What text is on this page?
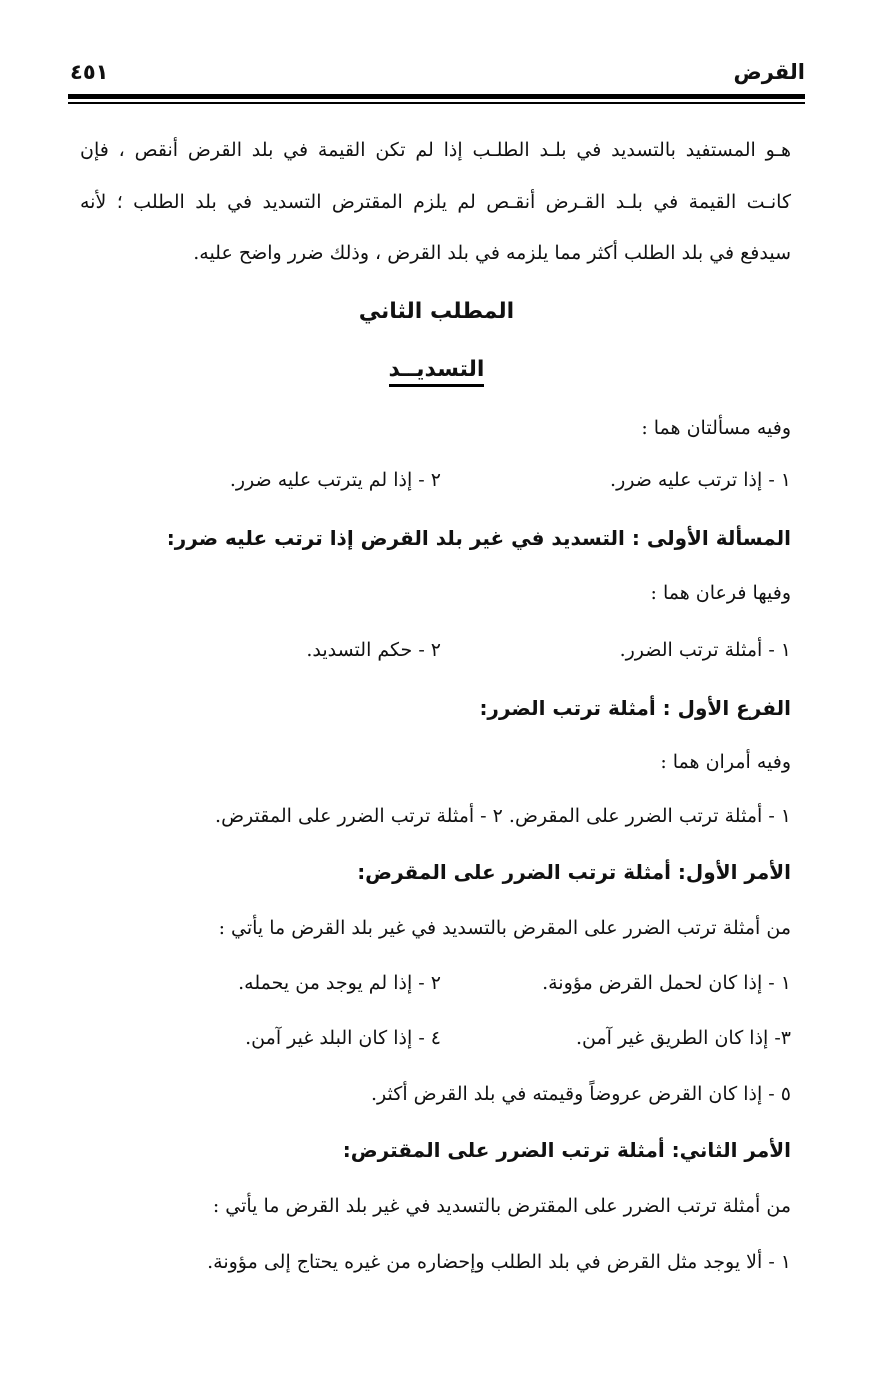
القرض
٤٥١
هـو المستفيد بالتسديد في بلـد الطلـب إذا لم تكن القيمة في بلد القرض أنقص ، فإن
كانـت القيمة في بلـد القـرض أنقـص لم يلزم المقترض التسديد في بلد الطلب ؛ لأنه
سيدفع في بلد الطلب أكثر مما يلزمه في بلد القرض ، وذلك ضرر واضح عليه.
المطلب الثاني
التسديــد
وفيه مسألتان هما :
١ - إذا ترتب عليه ضرر.
٢ - إذا لم يترتب عليه ضرر.
المسألة الأولى : التسديد في غير بلد القرض إذا ترتب عليه ضرر:
وفيها فرعان هما :
١ - أمثلة ترتب الضرر.
٢ - حكم التسديد.
الفرع الأول : أمثلة ترتب الضرر:
وفيه أمران هما :
١ - أمثلة ترتب الضرر على المقرض. ٢ - أمثلة ترتب الضرر على المقترض.
الأمر الأول: أمثلة ترتب الضرر على المقرض:
من أمثلة ترتب الضرر على المقرض بالتسديد في غير بلد القرض ما يأتي :
١ - إذا كان لحمل القرض مؤونة.
٢ - إذا لم يوجد من يحمله.
٣- إذا كان الطريق غير آمن.
٤ - إذا كان البلد غير آمن.
٥ - إذا كان القرض عروضاً وقيمته في بلد القرض أكثر.
الأمر الثاني: أمثلة ترتب الضرر على المقترض:
من أمثلة ترتب الضرر على المقترض بالتسديد في غير بلد القرض ما يأتي :
١ - ألا يوجد مثل القرض في بلد الطلب وإحضاره من غيره يحتاج إلى مؤونة.
